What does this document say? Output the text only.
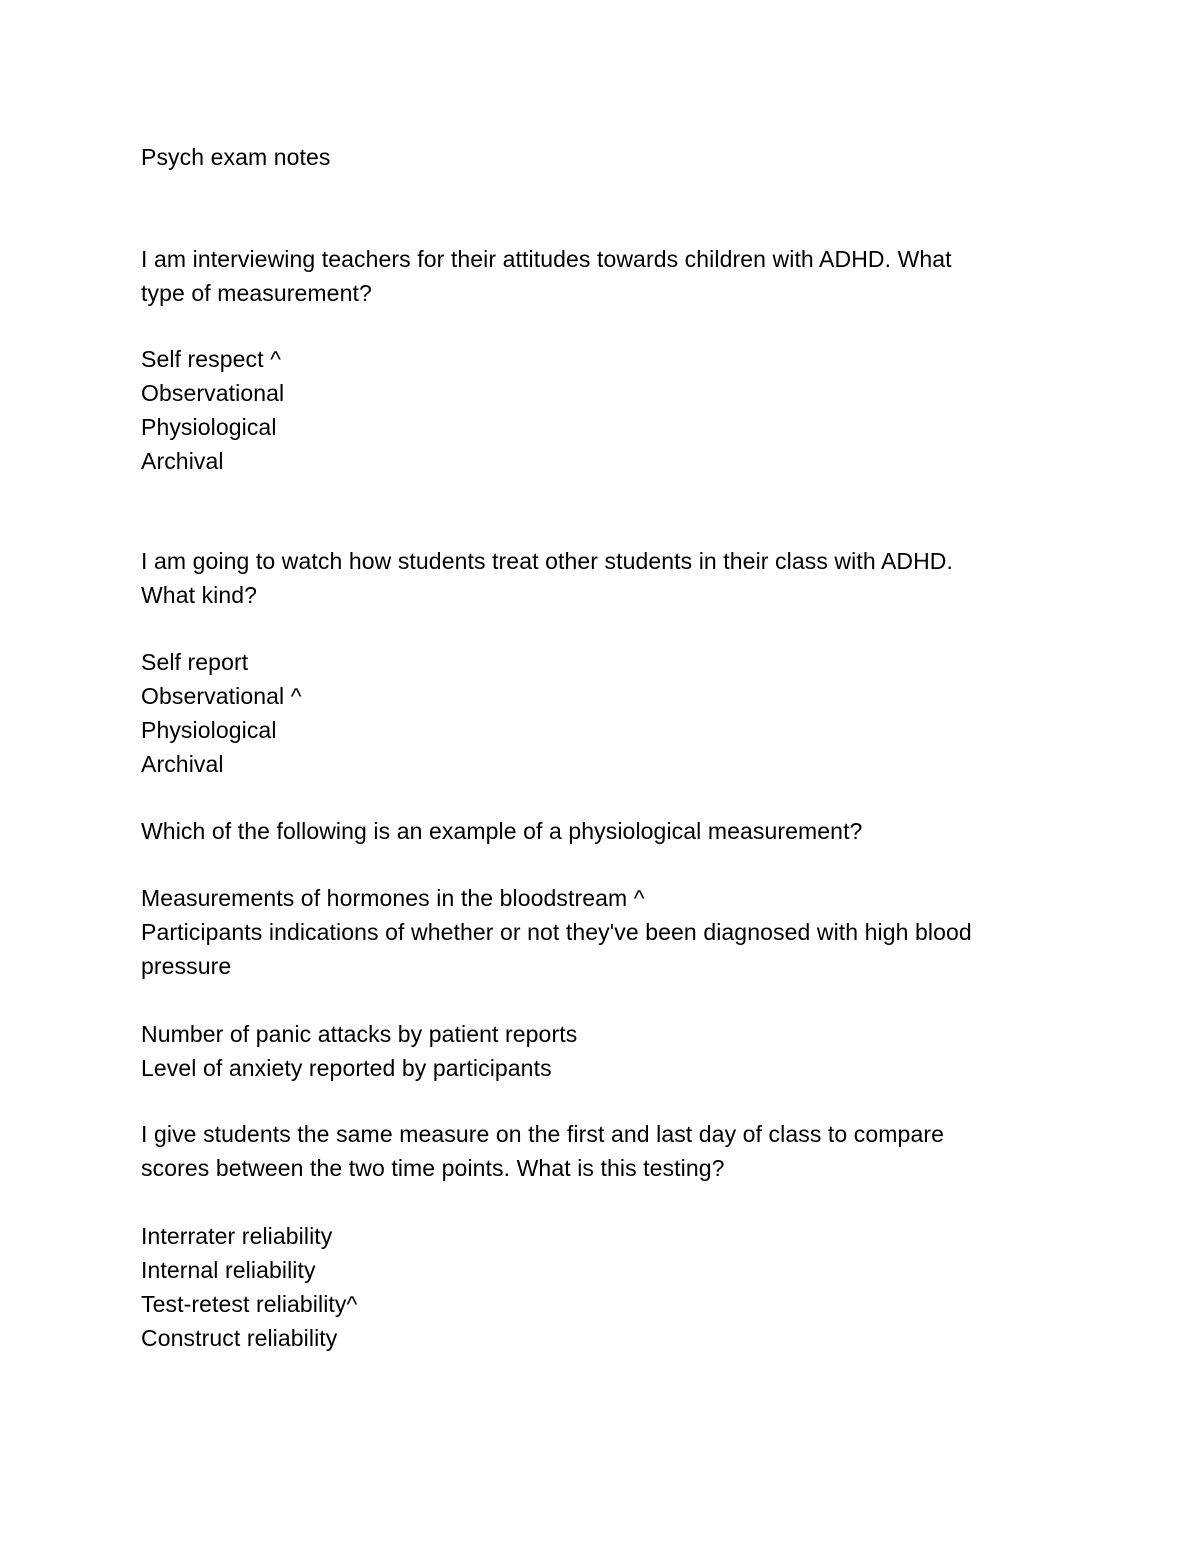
Psych exam notes
I am interviewing teachers for their attitudes towards children with ADHD. What
type of measurement?
Self respect ^
Observational
Physiological
Archival
I am going to watch how students treat other students in their class with ADHD.
What kind?
Self report
Observational ^
Physiological
Archival
Which of the following is an example of a physiological measurement?
Measurements of hormones in the bloodstream ^
Participants indications of whether or not they've been diagnosed with high blood
pressure
Number of panic attacks by patient reports
Level of anxiety reported by participants
I give students the same measure on the first and last day of class to compare
scores between the two time points. What is this testing?
Interrater reliability
Internal reliability
Test-retest reliability^
Construct reliability
